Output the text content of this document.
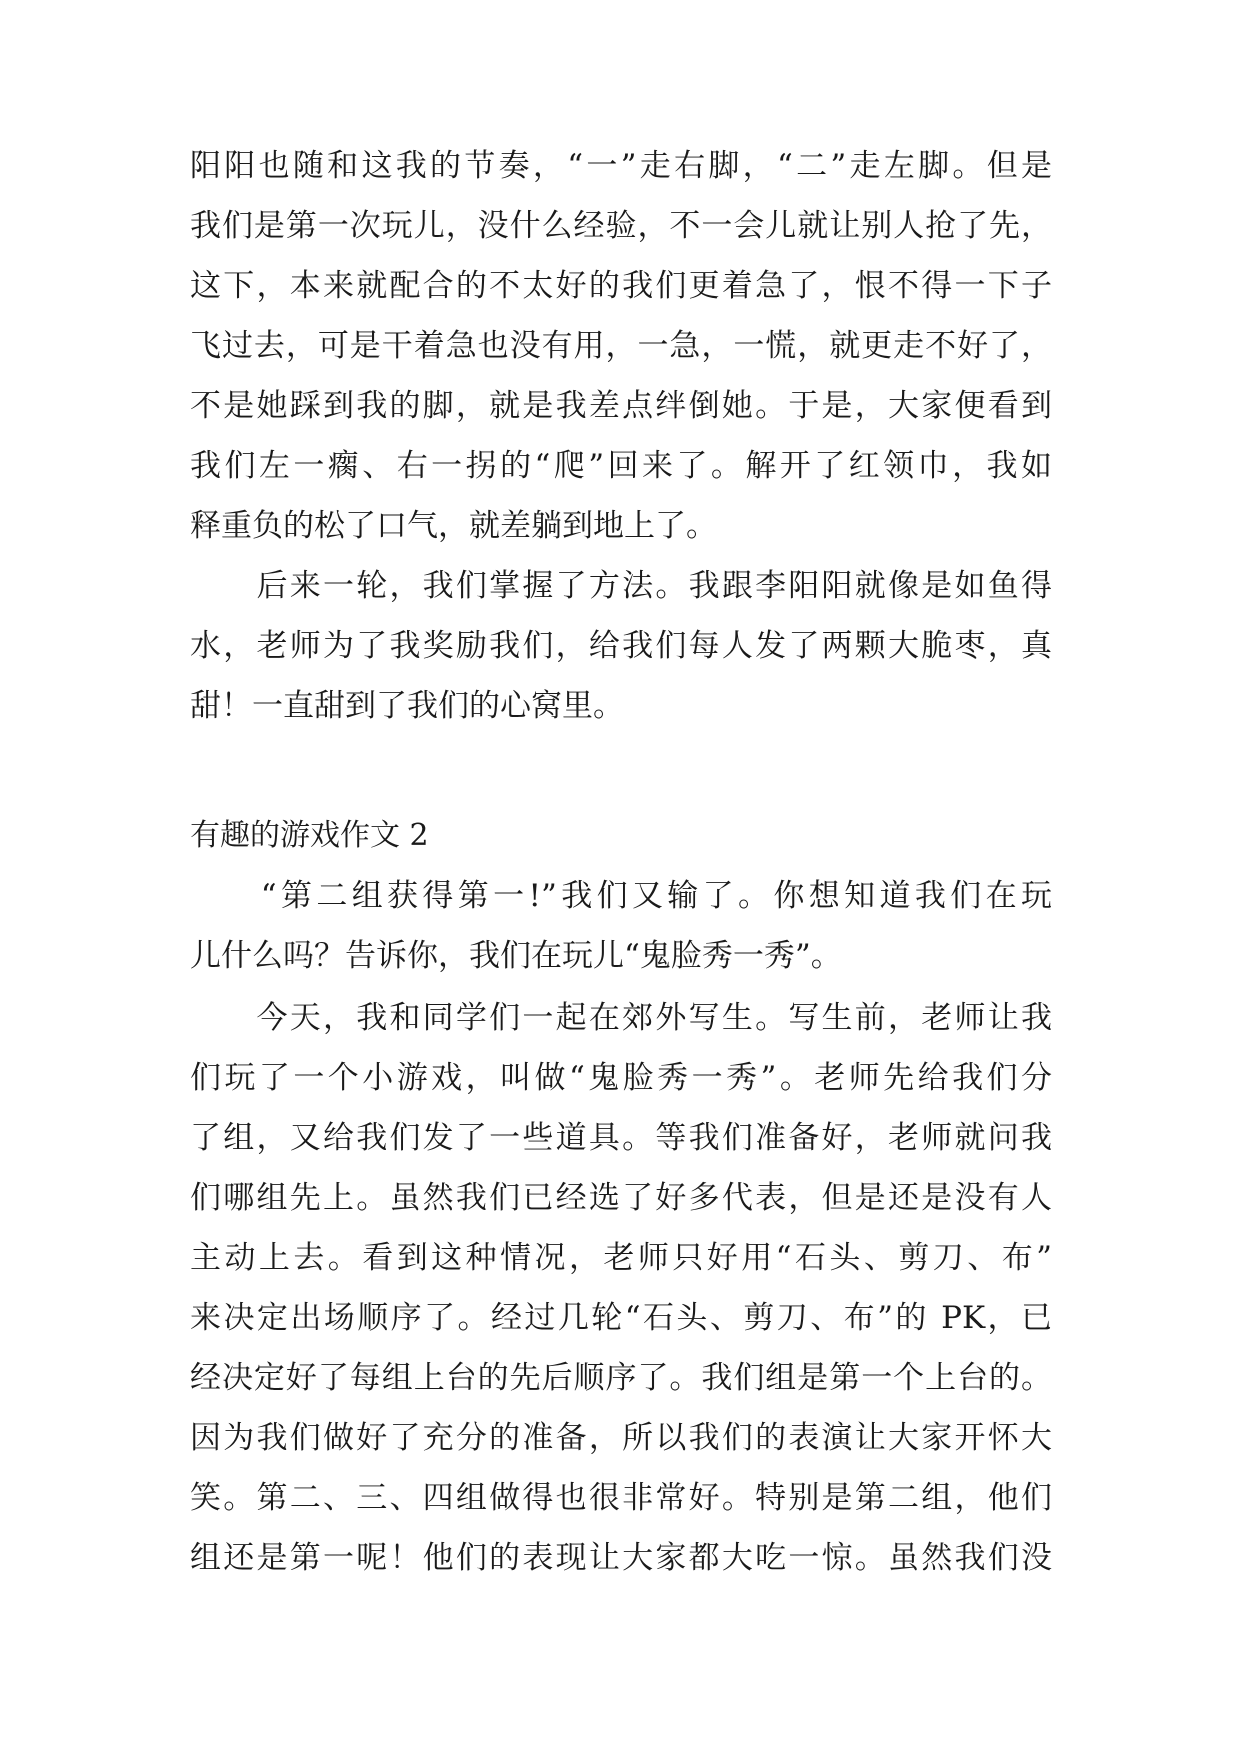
阳阳也随和这我的节奏，“一”走右脚，“二”走左脚。但是
我们是第一次玩儿，没什么经验，不一会儿就让别人抢了先，
这下，本来就配合的不太好的我们更着急了，恨不得一下子
飞过去，可是干着急也没有用，一急，一慌，就更走不好了，
不是她踩到我的脚，就是我差点绊倒她。于是，大家便看到
我们左一瘸、右一拐的“爬”回来了。解开了红领巾，我如
释重负的松了口气，就差躺到地上了。
　　后来一轮，我们掌握了方法。我跟李阳阳就像是如鱼得
水，老师为了我奖励我们，给我们每人发了两颗大脆枣，真
甜！一直甜到了我们的心窝里。
有趣的游戏作文 2
　　“第二组获得第一!”我们又输了。你想知道我们在玩
儿什么吗？告诉你，我们在玩儿“鬼脸秀一秀”。
　　今天，我和同学们一起在郊外写生。写生前，老师让我
们玩了一个小游戏，叫做“鬼脸秀一秀”。老师先给我们分
了组，又给我们发了一些道具。等我们准备好，老师就问我
们哪组先上。虽然我们已经选了好多代表，但是还是没有人
主动上去。看到这种情况，老师只好用“石头、剪刀、布”
来决定出场顺序了。经过几轮“石头、剪刀、布”的 PK，已
经决定好了每组上台的先后顺序了。我们组是第一个上台的。
因为我们做好了充分的准备，所以我们的表演让大家开怀大
笑。第二、三、四组做得也很非常好。特别是第二组，他们
组还是第一呢！他们的表现让大家都大吃一惊。虽然我们没
